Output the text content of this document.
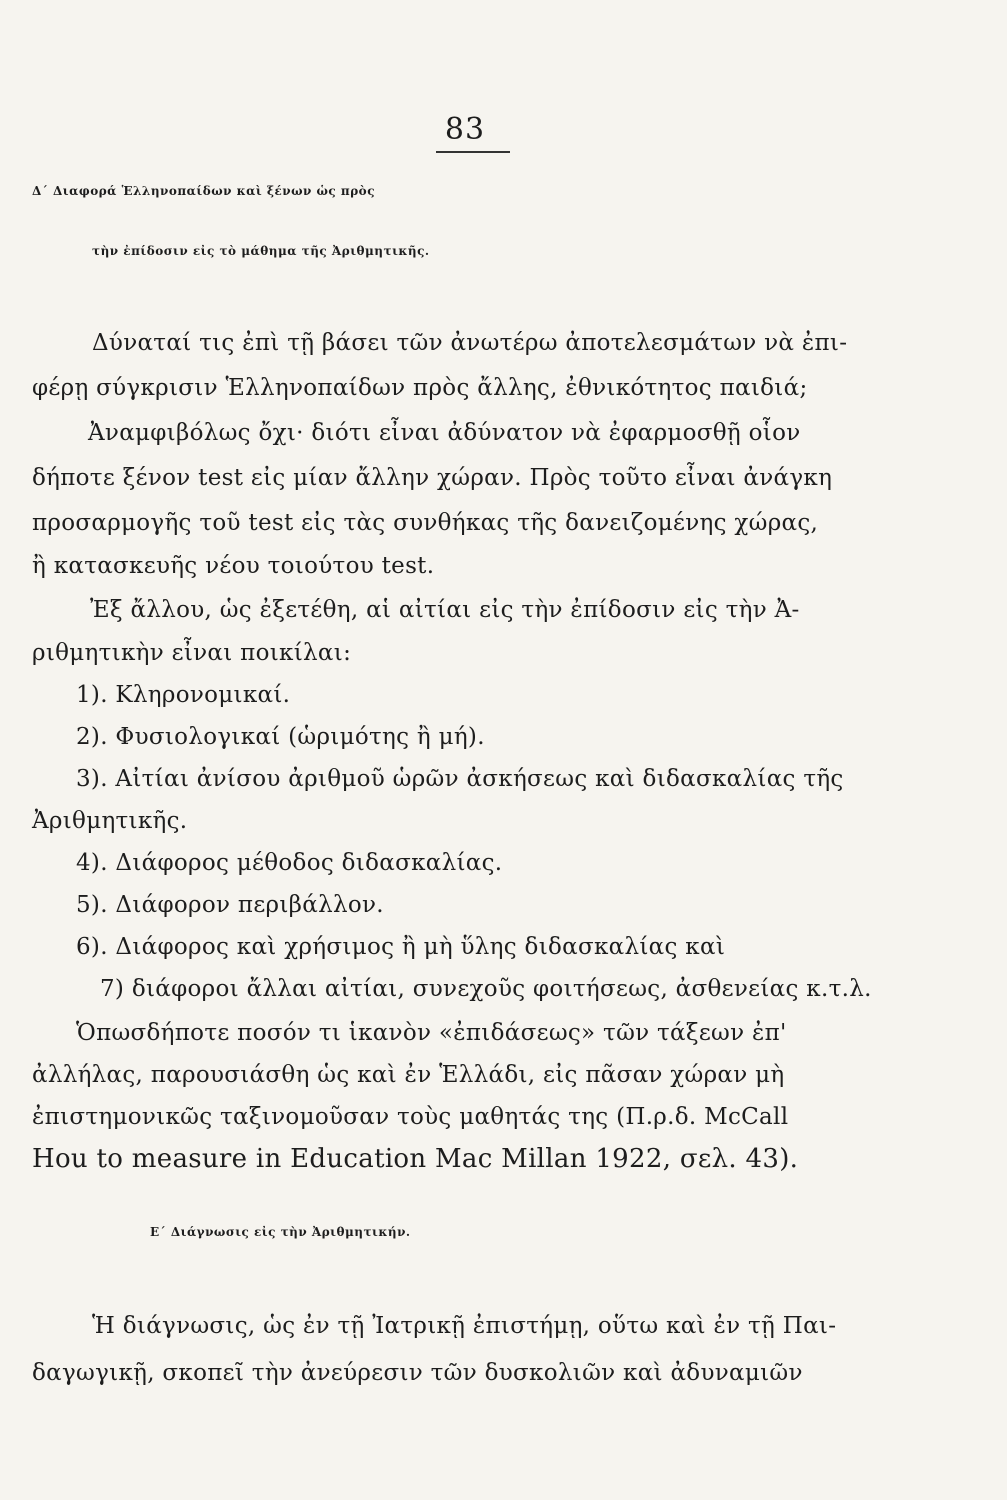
83
Δ΄ Διαφορά Ἑλληνοπαίδων καὶ ξένων ὡς πρὸς
τὴν ἐπίδοσιν εἰς τὸ μάθημα τῆς Ἀριθμητικῆς.
Δύναταί τις ἐπὶ τῇ βάσει τῶν ἀνωτέρω ἀποτελεσμάτων νὰ ἐπι-
φέρῃ σύγκρισιν Ἑλληνοπαίδων πρὸς ἄλλης, ἐθνικότητος παιδιά;
Ἀναμφιβόλως ὄχι· διότι εἶναι ἀδύνατον νὰ ἐφαρμοσθῇ οἷον
δήποτε ξένον test εἰς μίαν ἄλλην χώραν. Πρὸς τοῦτο εἶναι ἀνάγκη
προσαρμογῆς τοῦ test εἰς τὰς συνθήκας τῆς δανειζομένης χώρας,
ἢ κατασκευῆς νέου τοιούτου test.
Ἐξ ἄλλου, ὡς ἐξετέθη, αἱ αἰτίαι εἰς τὴν ἐπίδοσιν εἰς τὴν Ἀ-
ριθμητικὴν εἶναι ποικίλαι:
1). Κληρονομικαί.
2). Φυσιολογικαί (ὡριμότης ἢ μή).
3). Αἰτίαι ἀνίσου ἀριθμοῦ ὡρῶν ἀσκήσεως καὶ διδασκαλίας τῆς
Ἀριθμητικῆς.
4). Διάφορος μέθοδος διδασκαλίας.
5). Διάφορον περιβάλλον.
6). Διάφορος καὶ χρήσιμος ἢ μὴ ὕλης διδασκαλίας καὶ
7) διάφοροι ἄλλαι αἰτίαι, συνεχοῦς φοιτήσεως, ἀσθενείας κ.τ.λ.
Ὁπωσδήποτε ποσόν τι ἱκανὸν «ἐπιδάσεως» τῶν τάξεων ἐπ'
ἀλλήλας, παρουσιάσθη ὡς καὶ ἐν Ἑλλάδι, εἰς πᾶσαν χώραν μὴ
ἐπιστημονικῶς ταξινομοῦσαν τοὺς μαθητάς της (Π.ρ.δ. McCall
Hou to measure in Education Mac Millan 1922, σελ. 43).
Ε΄ Διάγνωσις εἰς τὴν Ἀριθμητικήν.
Ἡ διάγνωσις, ὡς ἐν τῇ Ἰατρικῇ ἐπιστήμῃ, οὕτω καὶ ἐν τῇ Παι-
δαγωγικῇ, σκοπεῖ τὴν ἀνεύρεσιν τῶν δυσκολιῶν καὶ ἀδυναμιῶν
